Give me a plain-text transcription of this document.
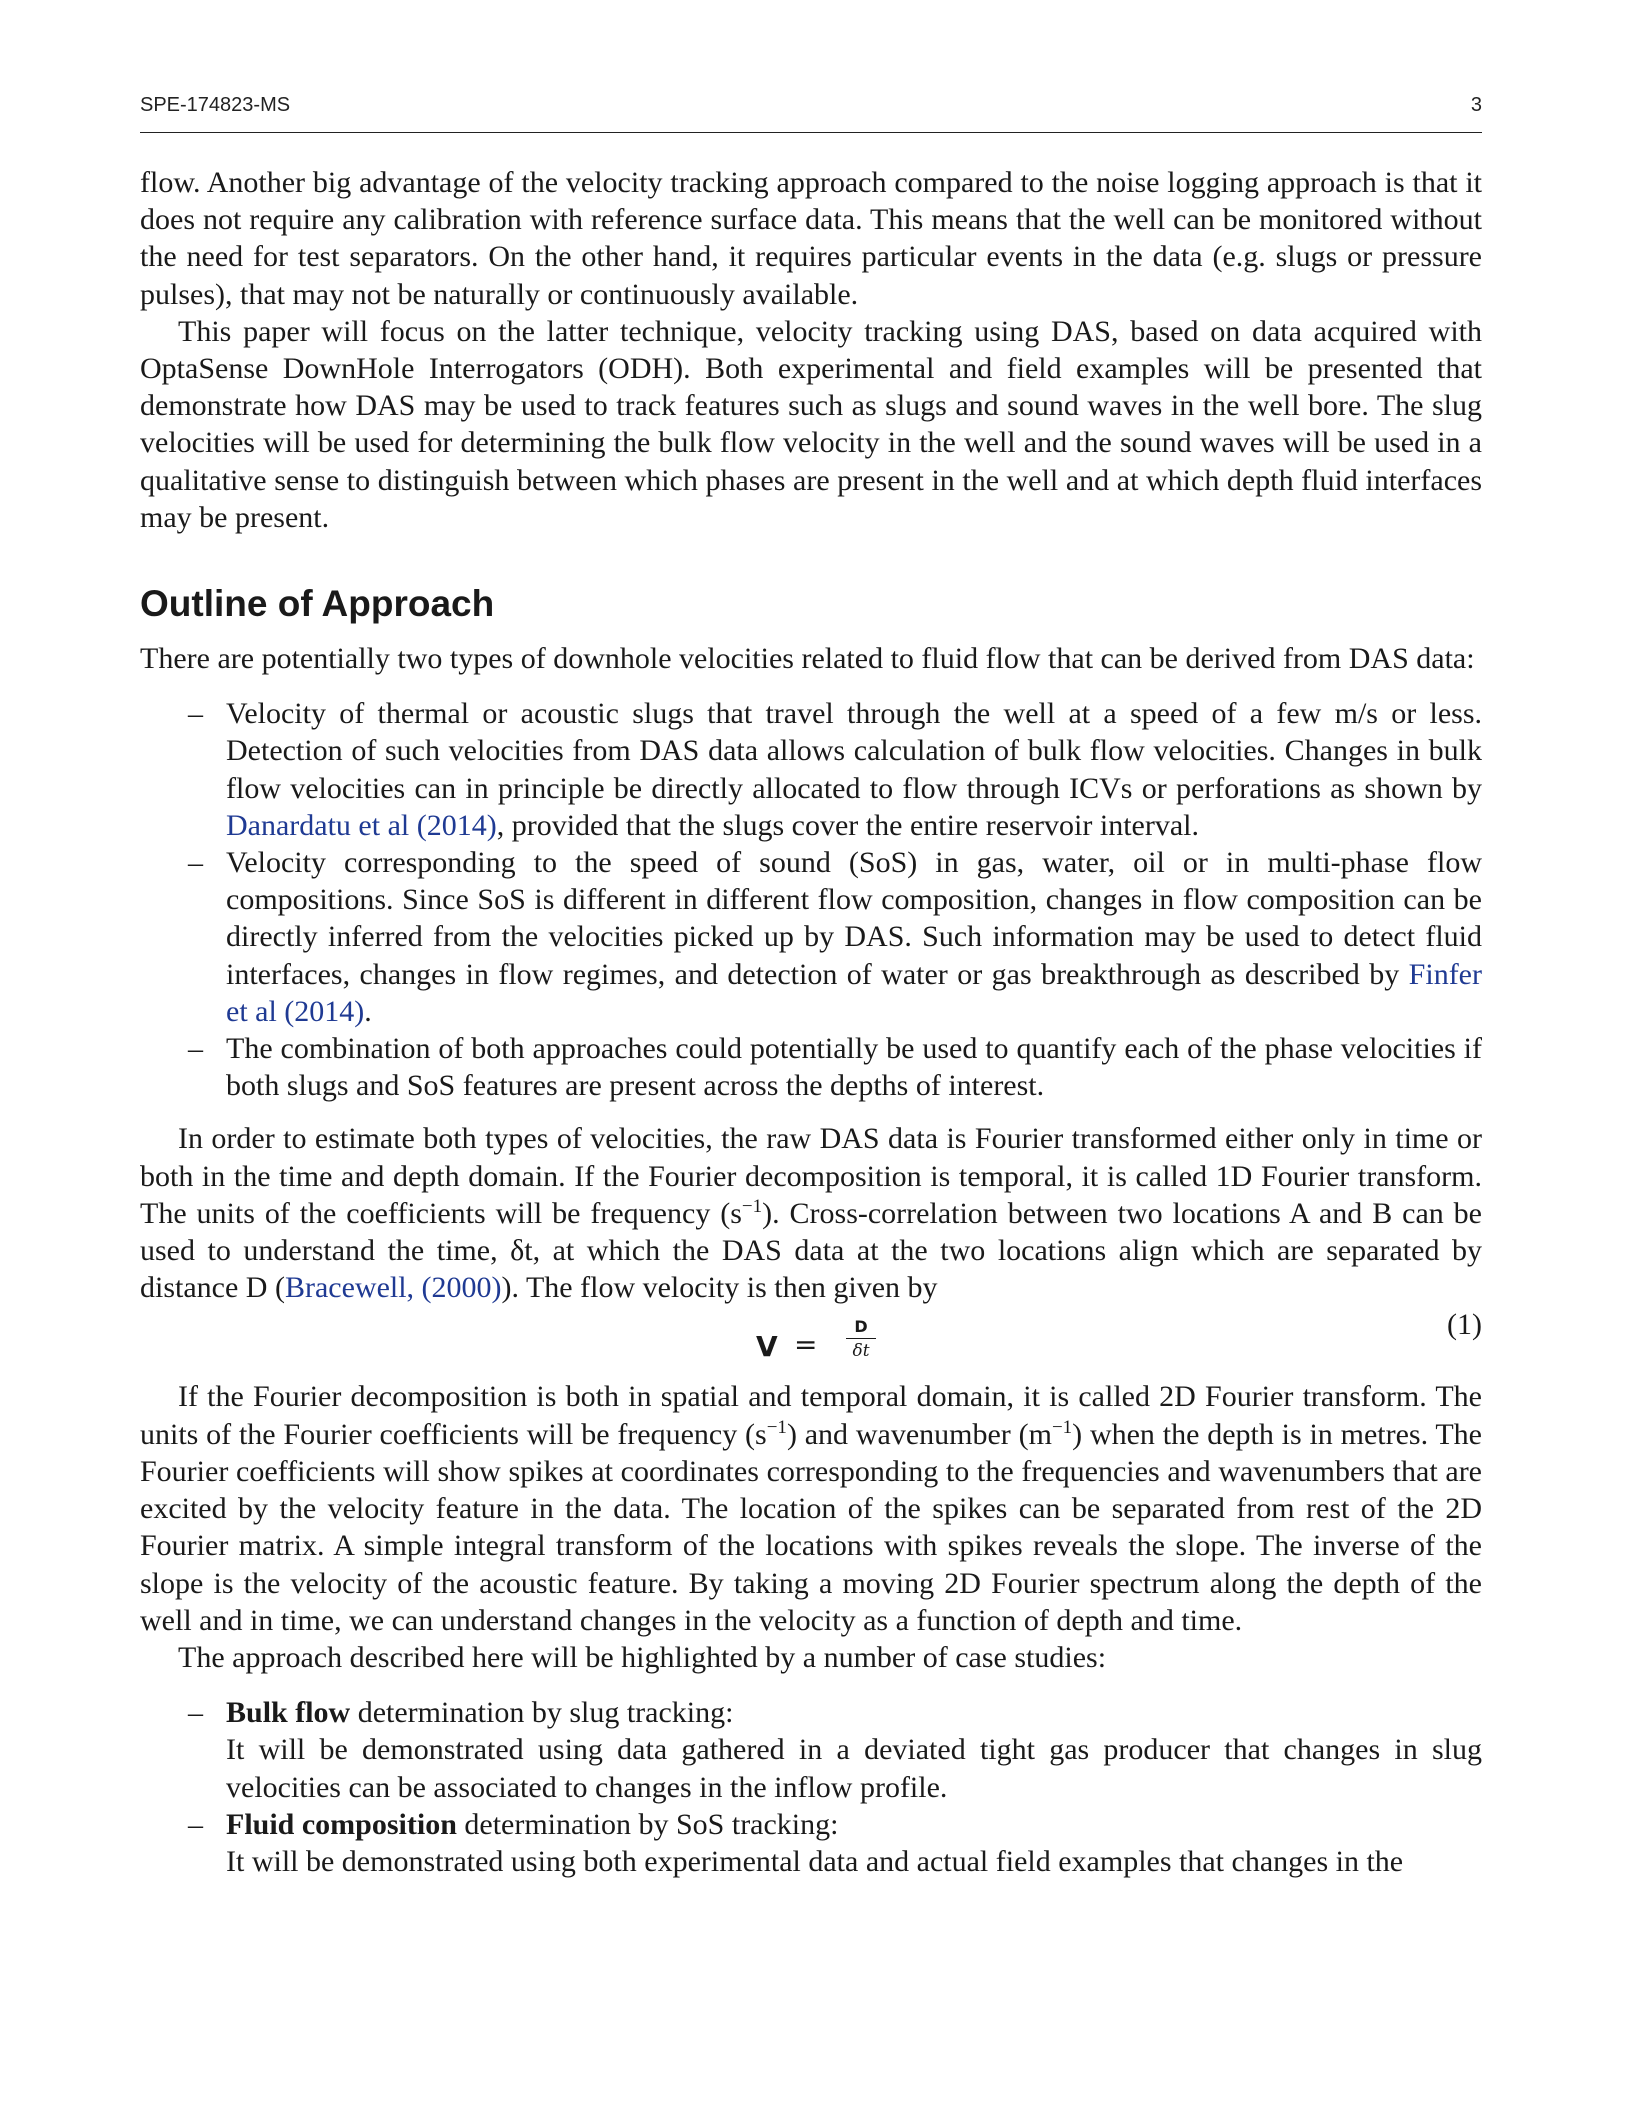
SPE-174823-MS	3

flow. Another big advantage of the velocity tracking approach compared to the noise logging approach is that it does not require any calibration with reference surface data. This means that the well can be monitored without the need for test separators. On the other hand, it requires particular events in the data (e.g. slugs or pressure pulses), that may not be naturally or continuously available.

This paper will focus on the latter technique, velocity tracking using DAS, based on data acquired with OptaSense DownHole Interrogators (ODH). Both experimental and field examples will be presented that demonstrate how DAS may be used to track features such as slugs and sound waves in the well bore. The slug velocities will be used for determining the bulk flow velocity in the well and the sound waves will be used in a qualitative sense to distinguish between which phases are present in the well and at which depth fluid interfaces may be present.

Outline of Approach

There are potentially two types of downhole velocities related to fluid flow that can be derived from DAS data:

– Velocity of thermal or acoustic slugs that travel through the well at a speed of a few m/s or less. Detection of such velocities from DAS data allows calculation of bulk flow velocities. Changes in bulk flow velocities can in principle be directly allocated to flow through ICVs or perforations as shown by Danardatu et al (2014), provided that the slugs cover the entire reservoir interval.
– Velocity corresponding to the speed of sound (SoS) in gas, water, oil or in multi-phase flow compositions. Since SoS is different in different flow composition, changes in flow composition can be directly inferred from the velocities picked up by DAS. Such information may be used to detect fluid interfaces, changes in flow regimes, and detection of water or gas breakthrough as described by Finfer et al (2014).
– The combination of both approaches could potentially be used to quantify each of the phase velocities if both slugs and SoS features are present across the depths of interest.

In order to estimate both types of velocities, the raw DAS data is Fourier transformed either only in time or both in the time and depth domain. If the Fourier decomposition is temporal, it is called 1D Fourier transform. The units of the coefficients will be frequency $(s^{-1})$. Cross-correlation between two locations A and B can be used to understand the time, δt, at which the DAS data at the two locations align which are separated by distance D (Bracewell, (2000)). The flow velocity is then given by

$V = \frac{D}{\delta t}$	(1)

If the Fourier decomposition is both in spatial and temporal domain, it is called 2D Fourier transform. The units of the Fourier coefficients will be frequency $(s^{-1})$ and wavenumber $(m^{-1})$ when the depth is in metres. The Fourier coefficients will show spikes at coordinates corresponding to the frequencies and wavenumbers that are excited by the velocity feature in the data. The location of the spikes can be separated from rest of the 2D Fourier matrix. A simple integral transform of the locations with spikes reveals the slope. The inverse of the slope is the velocity of the acoustic feature. By taking a moving 2D Fourier spectrum along the depth of the well and in time, we can understand changes in the velocity as a function of depth and time.

The approach described here will be highlighted by a number of case studies:

– Bulk flow determination by slug tracking:
It will be demonstrated using data gathered in a deviated tight gas producer that changes in slug velocities can be associated to changes in the inflow profile.
– Fluid composition determination by SoS tracking:
It will be demonstrated using both experimental data and actual field examples that changes in the
